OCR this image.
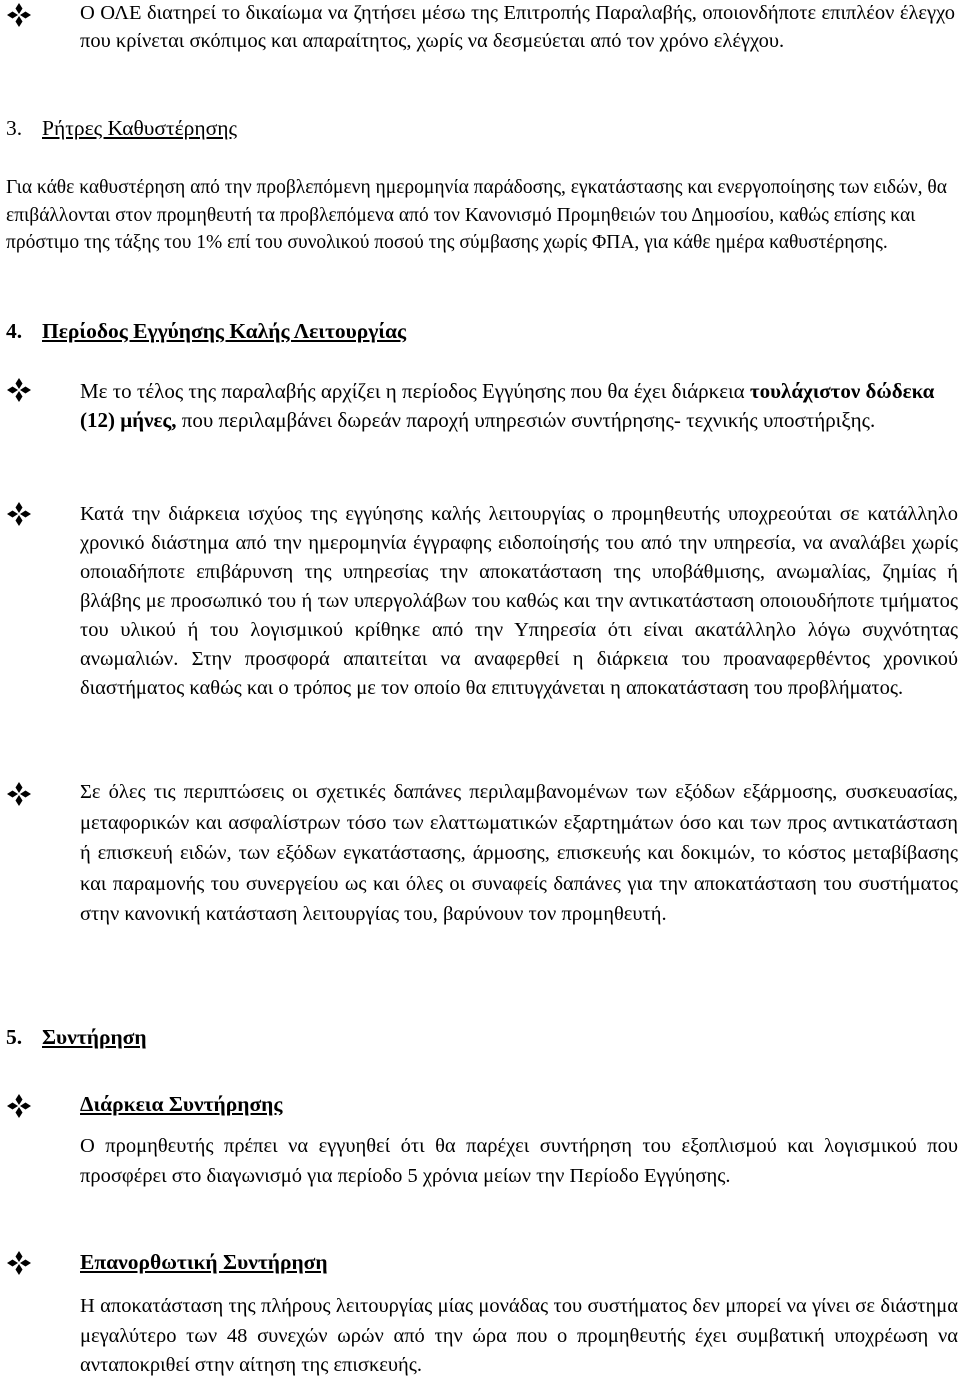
Ο ΟΛΕ διατηρεί το δικαίωμα να ζητήσει μέσω της Επιτροπής Παραλαβής, οποιονδήποτε επιπλέον έλεγχο που κρίνεται σκόπιμος και απαραίτητος, χωρίς να δεσμεύεται από τον χρόνο ελέγχου.

3. Ρήτρες Καθυστέρησης

Για κάθε καθυστέρηση από την προβλεπόμενη ημερομηνία παράδοσης, εγκατάστασης και ενεργοποίησης των ειδών, θα επιβάλλονται στον προμηθευτή τα προβλεπόμενα από τον Κανονισμό Προμηθειών του Δημοσίου, καθώς επίσης και πρόστιμο της τάξης του 1% επί του συνολικού ποσού της σύμβασης χωρίς ΦΠΑ, για κάθε ημέρα καθυστέρησης.

4. Περίοδος Εγγύησης Καλής Λειτουργίας

Με το τέλος της παραλαβής αρχίζει η περίοδος Εγγύησης που θα έχει διάρκεια τουλάχιστον δώδεκα (12) μήνες, που περιλαμβάνει δωρεάν παροχή υπηρεσιών συντήρησης- τεχνικής υποστήριξης.

Κατά την διάρκεια ισχύος της εγγύησης καλής λειτουργίας ο προμηθευτής υποχρεούται σε κατάλληλο χρονικό διάστημα από την ημερομηνία έγγραφης ειδοποίησής του από την υπηρεσία, να αναλάβει χωρίς οποιαδήποτε επιβάρυνση της υπηρεσίας την αποκατάσταση της υποβάθμισης, ανωμαλίας, ζημίας ή βλάβης με προσωπικό του ή των υπεργολάβων του καθώς και την αντικατάσταση οποιουδήποτε τμήματος του υλικού ή του λογισμικού κρίθηκε από την Υπηρεσία ότι είναι ακατάλληλο λόγω συχνότητας ανωμαλιών. Στην προσφορά απαιτείται να αναφερθεί η διάρκεια του προαναφερθέντος χρονικού διαστήματος καθώς και ο τρόπος με τον οποίο θα επιτυγχάνεται η αποκατάσταση του προβλήματος.

Σε όλες τις περιπτώσεις οι σχετικές δαπάνες περιλαμβανομένων των εξόδων εξάρμοσης, συσκευασίας, μεταφορικών και ασφαλίστρων τόσο των ελαττωματικών εξαρτημάτων όσο και των προς αντικατάσταση ή επισκευή ειδών, των εξόδων εγκατάστασης, άρμοσης, επισκευής και δοκιμών, το κόστος μεταβίβασης και παραμονής του συνεργείου ως και όλες οι συναφείς δαπάνες για την αποκατάσταση του συστήματος στην κανονική κατάσταση λειτουργίας του, βαρύνουν τον προμηθευτή.

5. Συντήρηση
Διάρκεια Συντήρησης

Ο προμηθευτής πρέπει να εγγυηθεί ότι θα παρέχει συντήρηση του εξοπλισμού και λογισμικού που προσφέρει στο διαγωνισμό για περίοδο 5 χρόνια μείων την Περίοδο Εγγύησης.

Επανορθωτική Συντήρηση

Η αποκατάσταση της πλήρους λειτουργίας μίας μονάδας του συστήματος δεν μπορεί να γίνει σε διάστημα μεγαλύτερο των 48 συνεχών ωρών από την ώρα που ο προμηθευτής έχει συμβατική υποχρέωση να ανταποκριθεί στην αίτηση της επισκευής.
